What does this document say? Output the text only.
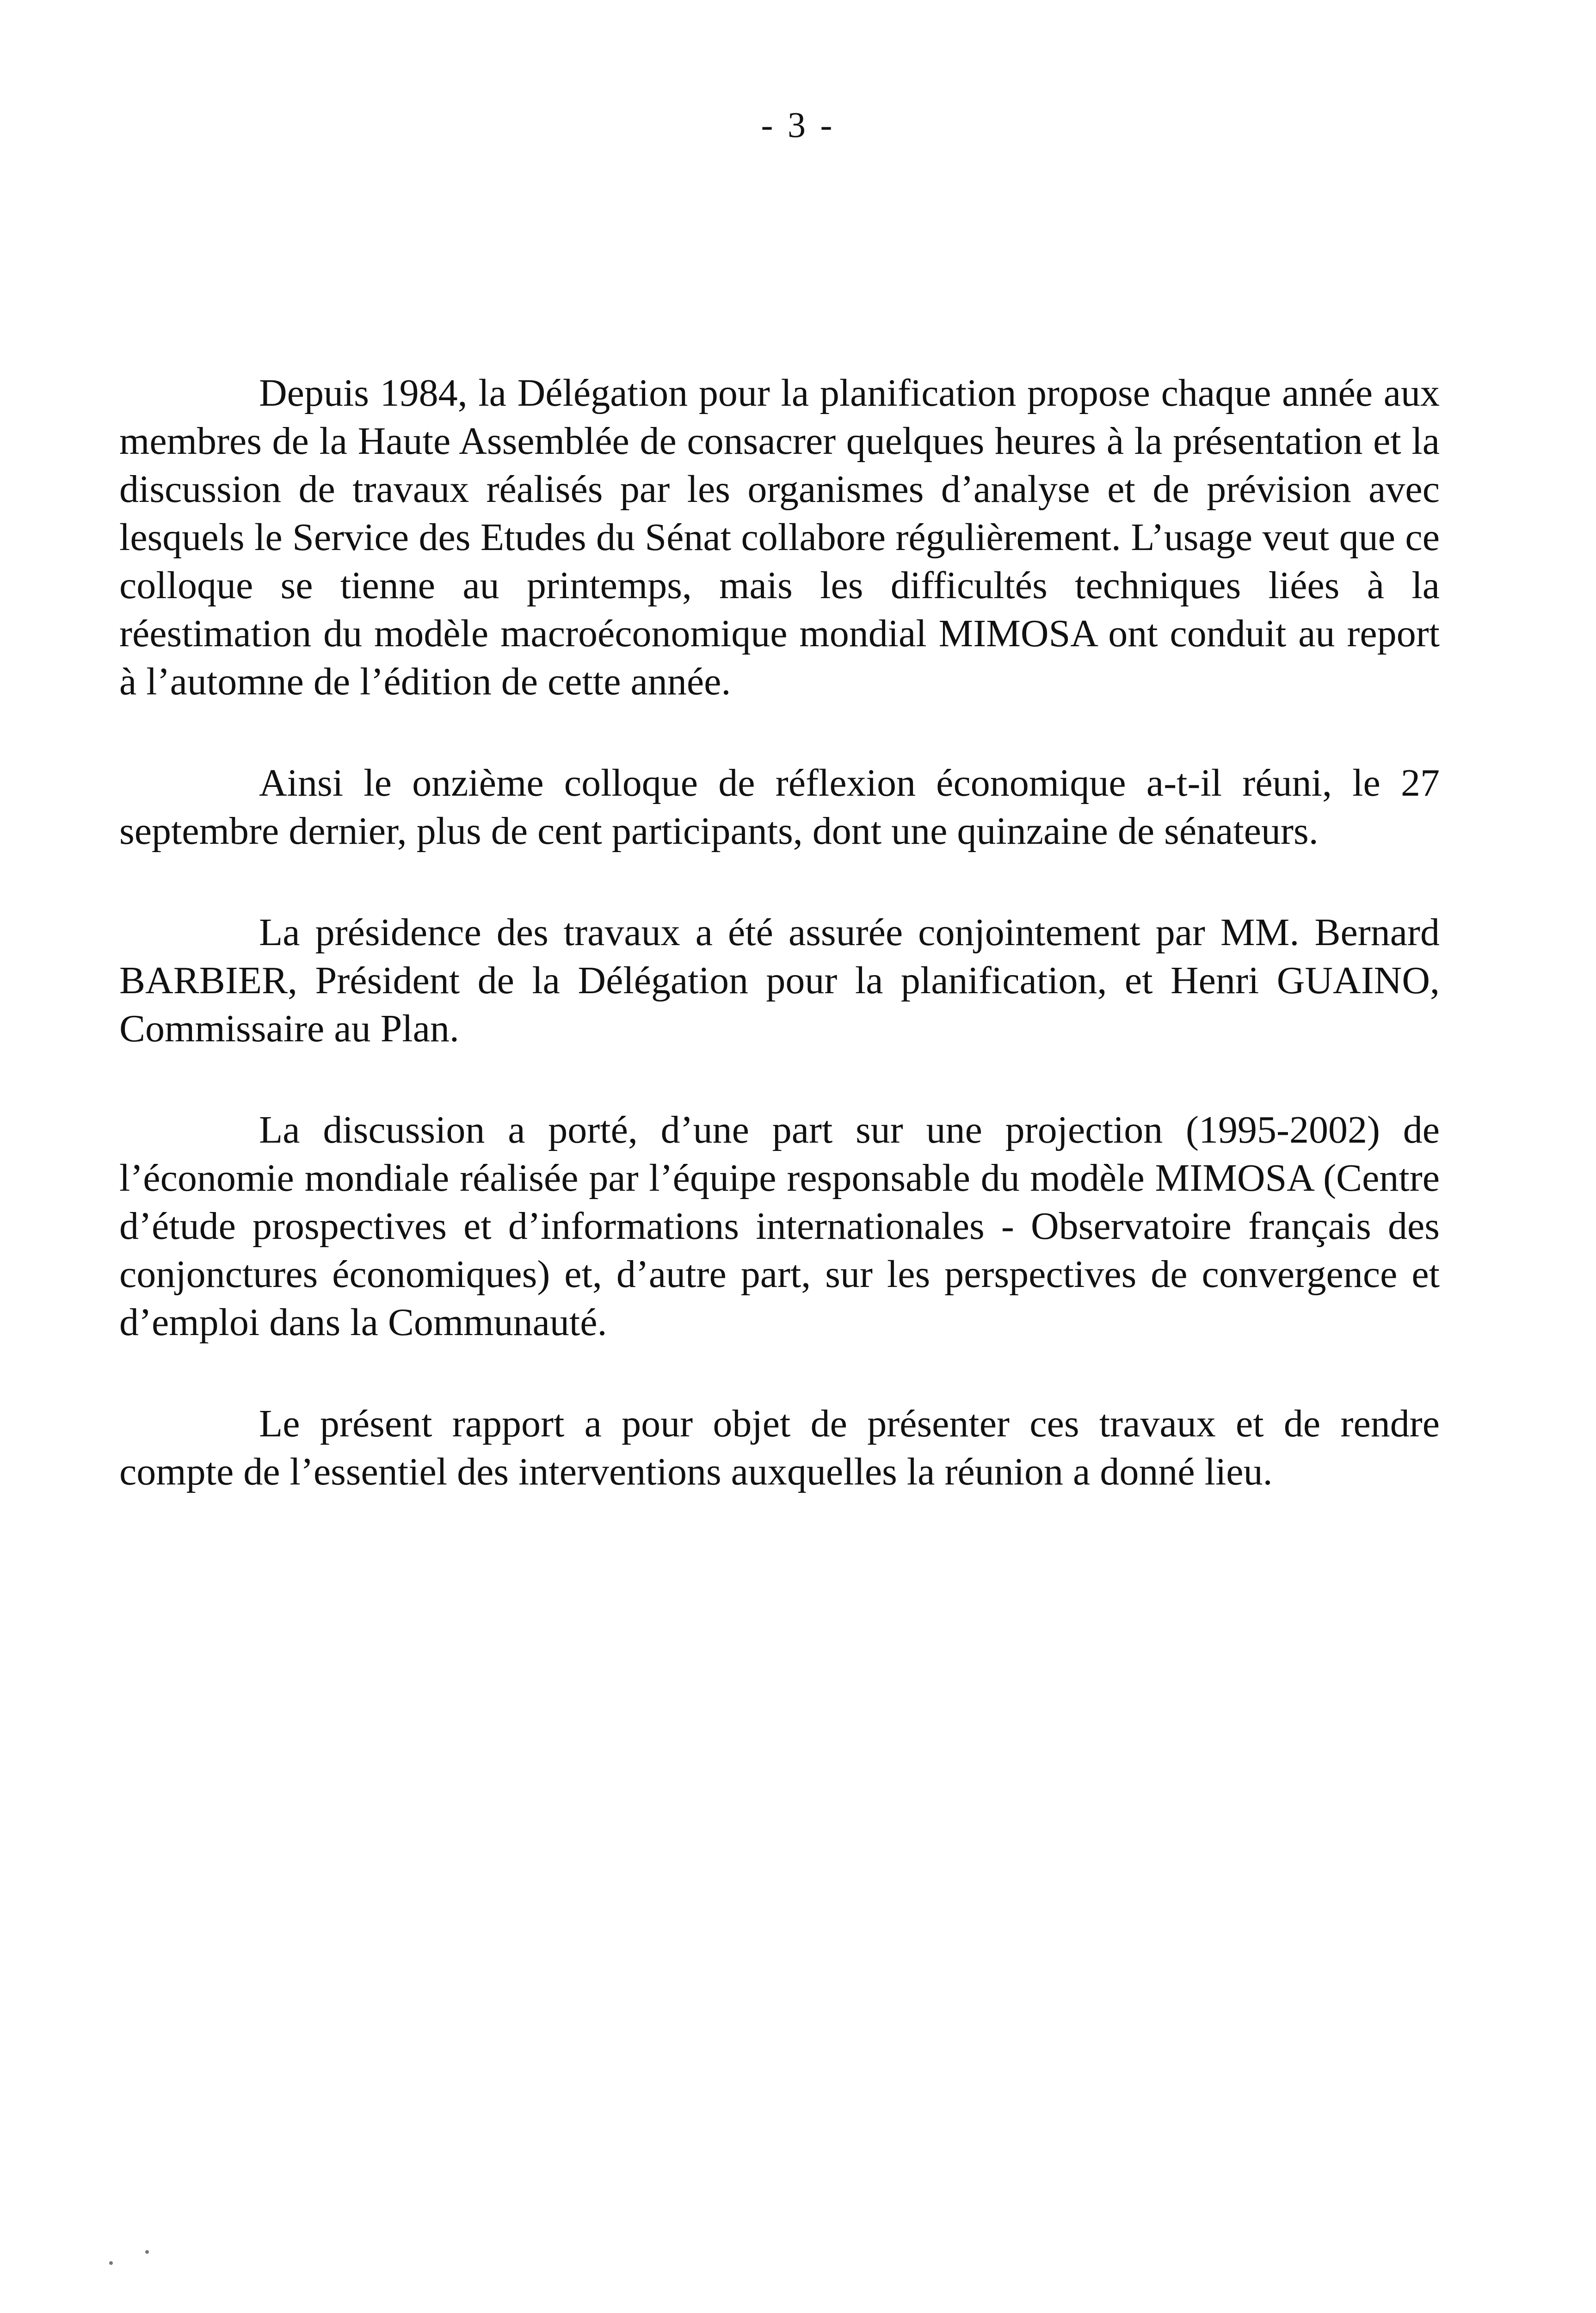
- 3 -

Depuis 1984, la Délégation pour la planification propose chaque année aux membres de la Haute Assemblée de consacrer quelques heures à la présentation et la discussion de travaux réalisés par les organismes d’analyse et de prévision avec lesquels le Service des Etudes du Sénat collabore régulièrement. L’usage veut que ce colloque se tienne au printemps, mais les difficultés techniques liées à la réestimation du modèle macroéconomique mondial MIMOSA ont conduit au report à l’automne de l’édition de cette année.

Ainsi le onzième colloque de réflexion économique a-t-il réuni, le 27 septembre dernier, plus de cent participants, dont une quinzaine de sénateurs.

La présidence des travaux a été assurée conjointement par MM. Bernard BARBIER, Président de la Délégation pour la planification, et Henri GUAINO, Commissaire au Plan.

La discussion a porté, d’une part sur une projection (1995-2002) de l’économie mondiale réalisée par l’équipe responsable du modèle MIMOSA (Centre d’étude prospectives et d’informations internationales - Observatoire français des conjonctures économiques) et, d’autre part, sur les perspectives de convergence et d’emploi dans la Communauté.

Le présent rapport a pour objet de présenter ces travaux et de rendre compte de l’essentiel des interventions auxquelles la réunion a donné lieu.
